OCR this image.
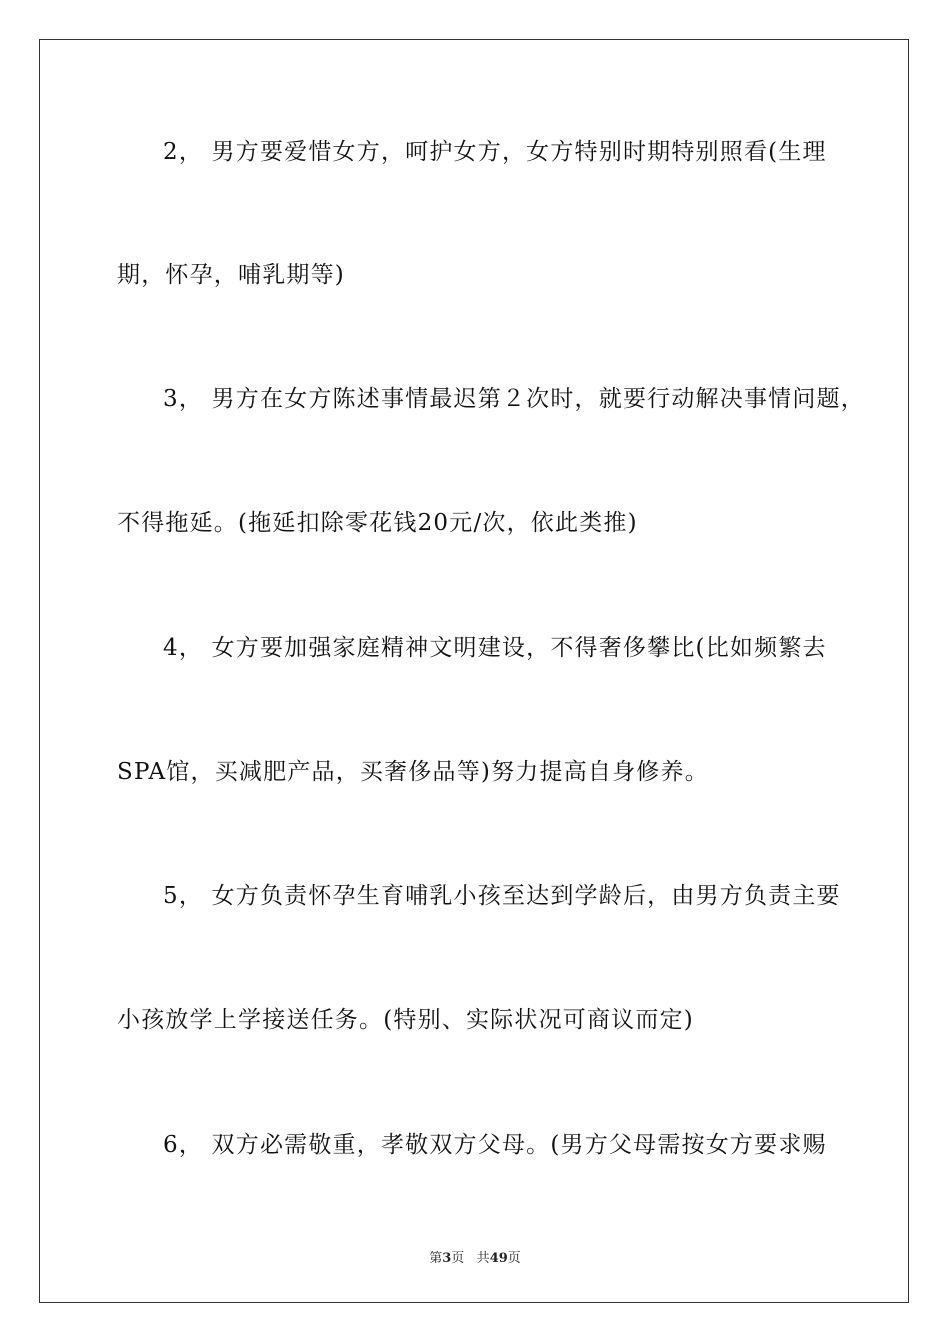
2， 男方要爱惜女方，呵护女方，女方特别时期特别照看(生理
期，怀孕，哺乳期等)
3， 男方在女方陈述事情最迟第２次时，就要行动解决事情问题，
不得拖延。(拖延扣除零花钱20元/次，依此类推)
4， 女方要加强家庭精神文明建设，不得奢侈攀比(比如频繁去
SPA馆，买减肥产品，买奢侈品等)努力提高自身修养。
5， 女方负责怀孕生育哺乳小孩至达到学龄后，由男方负责主要
小孩放学上学接送任务。(特别、实际状况可商议而定)
6， 双方必需敬重，孝敬双方父母。(男方父母需按女方要求赐
第3页 共49页
